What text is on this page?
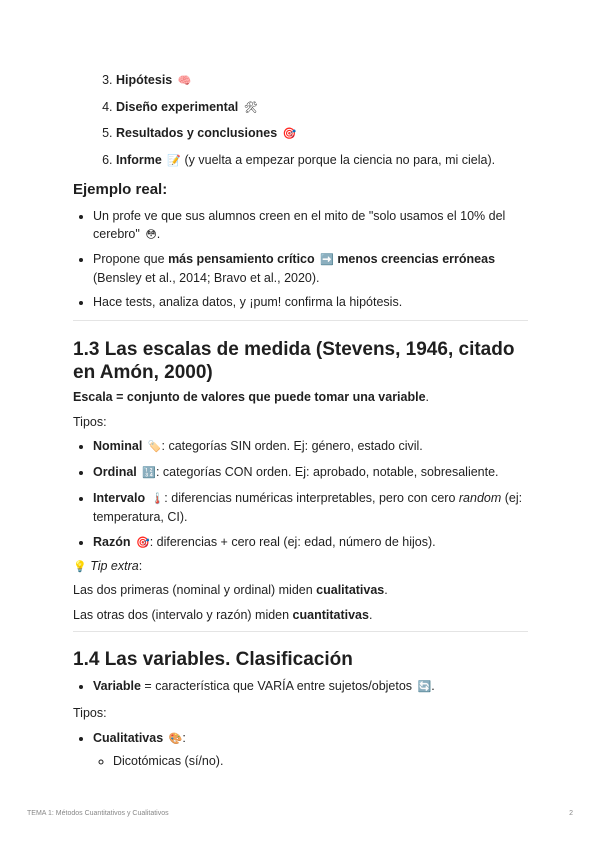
3. Hipótesis 🧠
4. Diseño experimental 🛠
5. Resultados y conclusiones 🎯
6. Informe 📝 (y vuelta a empezar porque la ciencia no para, mi ciela).
Ejemplo real:
• Un profe ve que sus alumnos creen en el mito de "solo usamos el 10% del cerebro" 😳.
• Propone que más pensamiento crítico ➡️ menos creencias erróneas
(Bensley et al., 2014; Bravo et al., 2020).
• Hace tests, analiza datos, y ¡pum! confirma la hipótesis.
1.3 Las escalas de medida (Stevens, 1946, citado en Amón, 2000)

Escala = conjunto de valores que puede tomar una variable.

Tipos:

• Nominal 🏷️: categorías SIN orden. Ej: género, estado civil.
• Ordinal 🔢: categorías CON orden. Ej: aprobado, notable, sobresaliente.
• Intervalo 🌡️: diferencias numéricas interpretables, pero con cero random (ej: temperatura, CI).
• Razón 🎯: diferencias + cero real (ej: edad, número de hijos).

💡 Tip extra:

Las dos primeras (nominal y ordinal) miden cualitativas.

Las otras dos (intervalo y razón) miden cuantitativas.

1.4 Las variables. Clasificación
• Variable = característica que VARÍA entre sujetos/objetos 🔄.

Tipos:

• Cualitativas 🎨:
◦ Dicotómicas (sí/no).
TEMA 1: Métodos Cuantitativos y Cualitativos	2
